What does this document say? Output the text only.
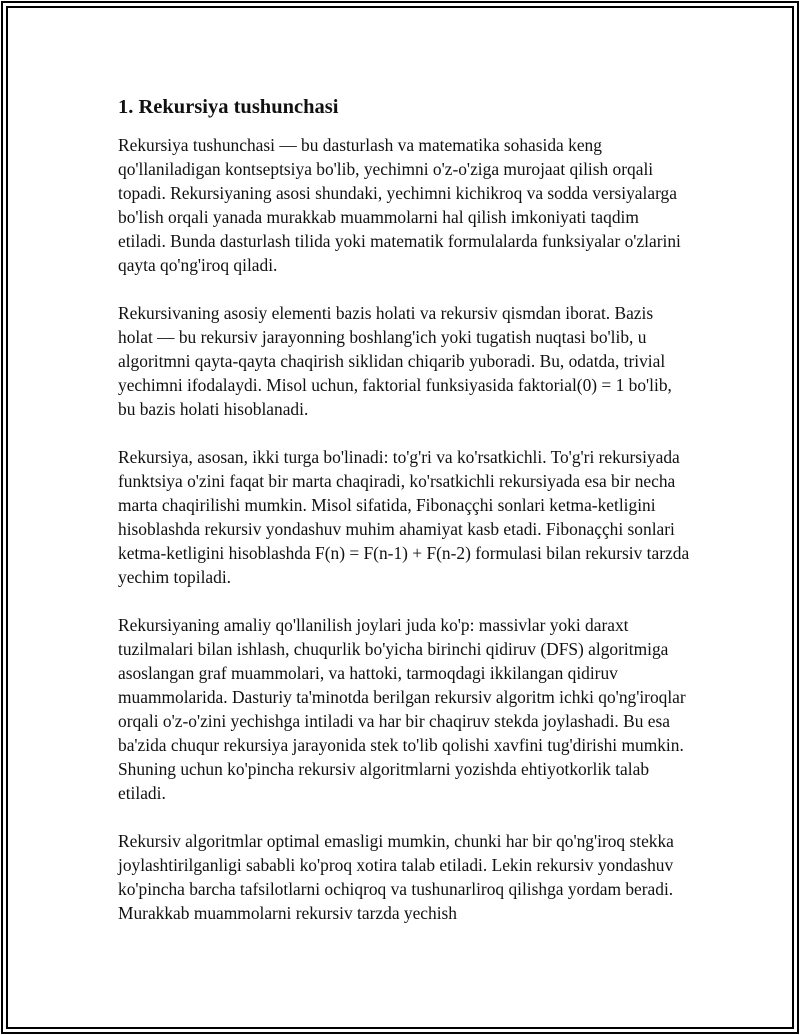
1. Rekursiya tushunchasi

Rekursiya tushunchasi — bu dasturlash va matematika sohasida keng qo'llaniladigan kontseptsiya bo'lib, yechimni o'z-o'ziga murojaat qilish orqali topadi. Rekursiyaning asosi shundaki, yechimni kichikroq va sodda versiyalarga bo'lish orqali yanada murakkab muammolarni hal qilish imkoniyati taqdim etiladi. Bunda dasturlash tilida yoki matematik formulalarda funksiyalar o'zlarini qayta qo'ng'iroq qiladi.

Rekursivaning asosiy elementi bazis holati va rekursiv qismdan iborat. Bazis holat — bu rekursiv jarayonning boshlang'ich yoki tugatish nuqtasi bo'lib, u algoritmni qayta-qayta chaqirish siklidan chiqarib yuboradi. Bu, odatda, trivial yechimni ifodalaydi. Misol uchun, faktorial funksiyasida faktorial(0) = 1 bo'lib, bu bazis holati hisoblanadi.

Rekursiya, asosan, ikki turga bo'linadi: to'g'ri va ko'rsatkichli. To'g'ri rekursiyada funktsiya o'zini faqat bir marta chaqiradi, ko'rsatkichli rekursiyada esa bir necha marta chaqirilishi mumkin. Misol sifatida, Fibonaççhi sonlari ketma-ketligini hisoblashda rekursiv yondashuv muhim ahamiyat kasb etadi. Fibonaççhi sonlari ketma-ketligini hisoblashda F(n) = F(n-1) + F(n-2) formulasi bilan rekursiv tarzda yechim topiladi.

Rekursiyaning amaliy qo'llanilish joylari juda ko'p: massivlar yoki daraxt tuzilmalari bilan ishlash, chuqurlik bo'yicha birinchi qidiruv (DFS) algoritmiga asoslangan graf muammolari, va hattoki, tarmoqdagi ikkilangan qidiruv muammolarida. Dasturiy ta'minotda berilgan rekursiv algoritm ichki qo'ng'iroqlar orqali o'z-o'zini yechishga intiladi va har bir chaqiruv stekda joylashadi. Bu esa ba'zida chuqur rekursiya jarayonida stek to'lib qolishi xavfini tug'dirishi mumkin. Shuning uchun ko'pincha rekursiv algoritmlarni yozishda ehtiyotkorlik talab etiladi.

Rekursiv algoritmlar optimal emasligi mumkin, chunki har bir qo'ng'iroq stekka joylashtirilganligi sababli ko'proq xotira talab etiladi. Lekin rekursiv yondashuv ko'pincha barcha tafsilotlarni ochiqroq va tushunarliroq qilishga yordam beradi. Murakkab muammolarni rekursiv tarzda yechish
